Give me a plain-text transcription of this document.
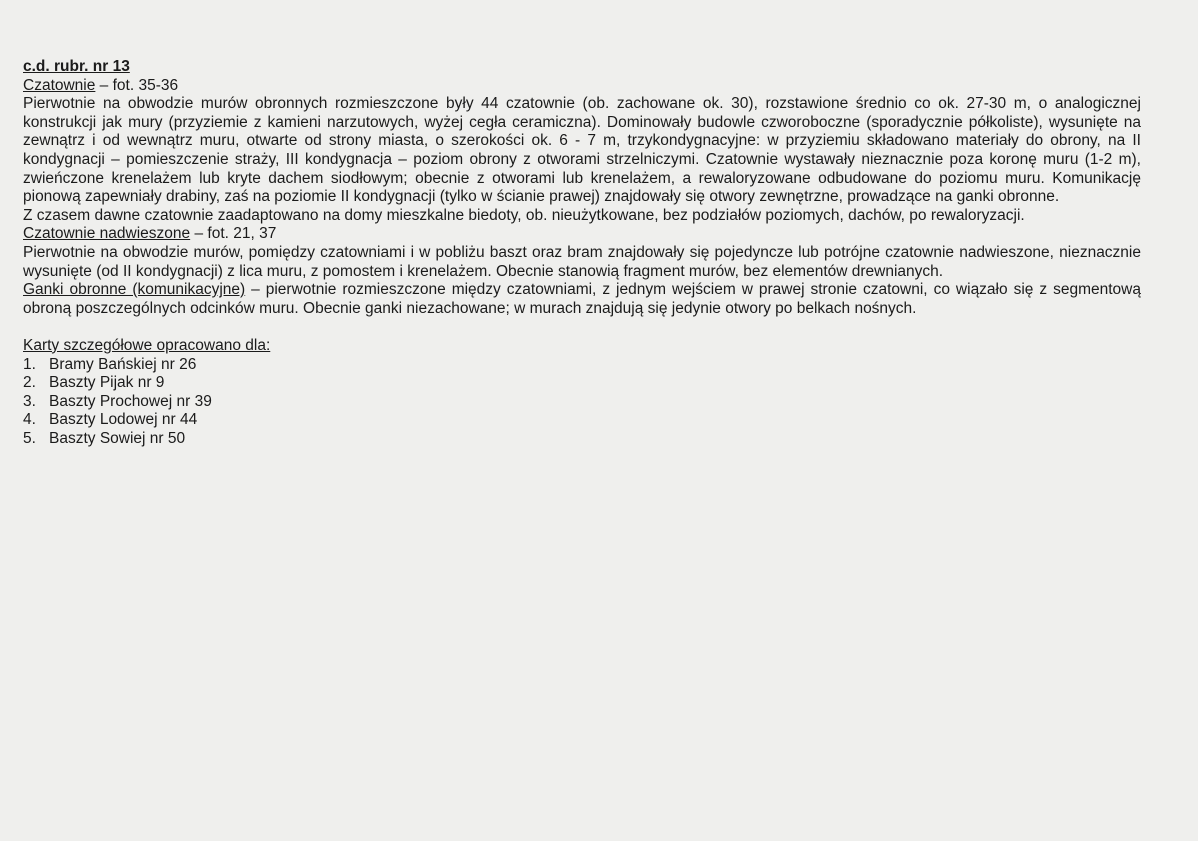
c.d. rubr. nr 13

Czatownie – fot. 35-36

Pierwotnie na obwodzie murów obronnych rozmieszczone były 44 czatownie (ob. zachowane ok. 30), rozstawione średnio co ok. 27-30 m, o analogicznej konstrukcji jak mury (przyziemie z kamieni narzutowych, wyżej cegła ceramiczna). Dominowały budowle czworoboczne (sporadycznie półkoliste), wysunięte na zewnątrz i od wewnątrz muru, otwarte od strony miasta, o szerokości ok. 6 - 7 m, trzykondygnacyjne: w przyziemiu składowano materiały do obrony, na II kondygnacji – pomieszczenie straży, III kondygnacja – poziom obrony z otworami strzelniczymi. Czatownie wystawały nieznacznie poza koronę muru (1-2 m), zwieńczone krenelażem lub kryte dachem siodłowym; obecnie z otworami lub krenelażem, a rewaloryzowane odbudowane do poziomu muru. Komunikację pionową zapewniały drabiny, zaś na poziomie II kondygnacji (tylko w ścianie prawej) znajdowały się otwory zewnętrzne, prowadzące na ganki obronne.

Z czasem dawne czatownie zaadaptowano na domy mieszkalne biedoty, ob. nieużytkowane, bez podziałów poziomych, dachów, po rewaloryzacji.

Czatownie nadwieszone – fot. 21, 37

Pierwotnie na obwodzie murów, pomiędzy czatowniami i w pobliżu baszt oraz bram znajdowały się pojedyncze lub potrójne czatownie nadwieszone, nieznacznie wysunięte (od II kondygnacji) z lica muru, z pomostem i krenelażem. Obecnie stanowią fragment murów, bez elementów drewnianych.

Ganki obronne (komunikacyjne) – pierwotnie rozmieszczone między czatowniami, z jednym wejściem w prawej stronie czatowni, co wiązało się z segmentową obroną poszczególnych odcinków muru. Obecnie ganki niezachowane; w murach znajdują się jedynie otwory po belkach nośnych.

Karty szczegółowe opracowano dla:

1. Bramy Bańskiej nr 26
2. Baszty Pijak nr 9
3. Baszty Prochowej nr 39
4. Baszty Lodowej nr 44
5. Baszty Sowiej nr 50
